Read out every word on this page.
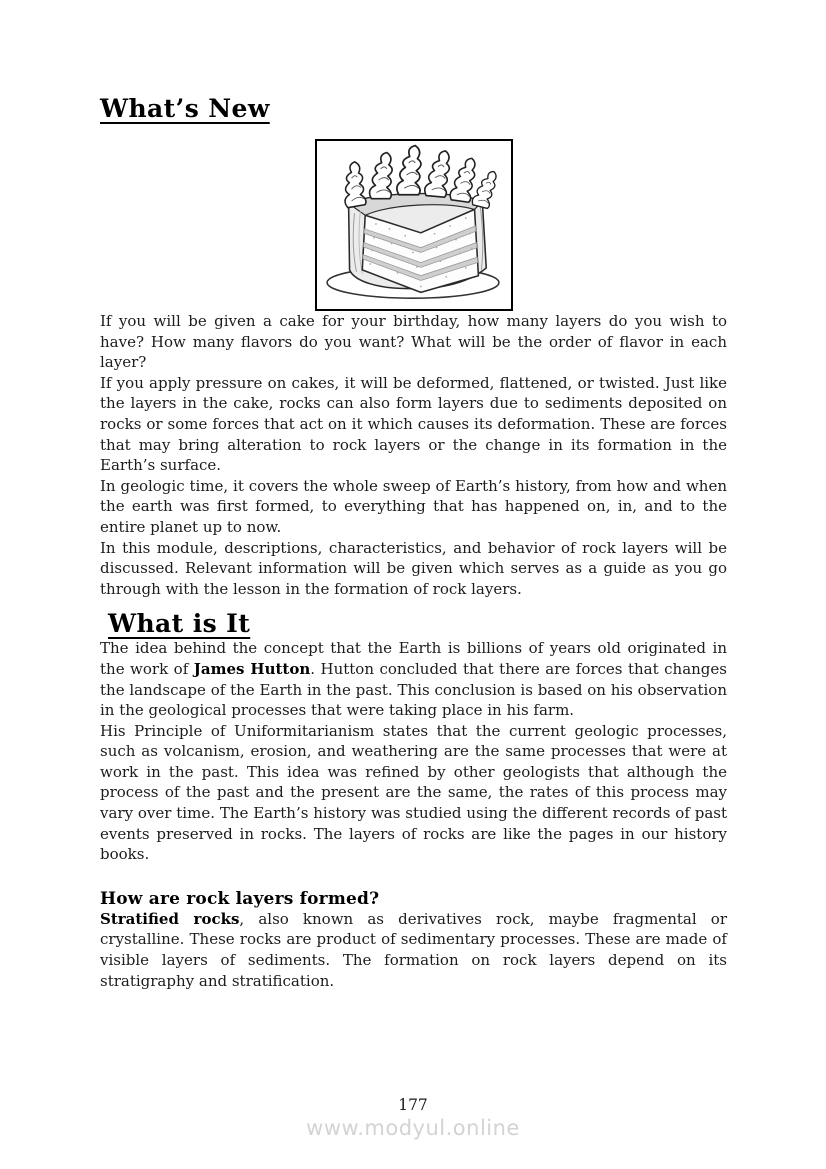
What’s New

If you will be given a cake for your birthday, how many layers do you wish to have? How many flavors do you want? What will be the order of flavor in each layer?

If you apply pressure on cakes, it will be deformed, flattened, or twisted. Just like the layers in the cake, rocks can also form layers due to sediments deposited on rocks or some forces that act on it which causes its deformation. These are forces that may bring alteration to rock layers or the change in its formation in the Earth’s surface.

In geologic time, it covers the whole sweep of Earth’s history, from how and when the earth was first formed, to everything that has happened on, in, and to the entire planet up to now.

In this module, descriptions, characteristics, and behavior of rock layers will be discussed. Relevant information will be given which serves as a guide as you go through with the lesson in the formation of rock layers.

What is It

The idea behind the concept that the Earth is billions of years old originated in the work of James Hutton. Hutton concluded that there are forces that changes the landscape of the Earth in the past. This conclusion is based on his observation in the geological processes that were taking place in his farm.

His Principle of Uniformitarianism states that the current geologic processes, such as volcanism, erosion, and weathering are the same processes that were at work in the past. This idea was refined by other geologists that although the process of the past and the present are the same, the rates of this process may vary over time. The Earth’s history was studied using the different records of past events preserved in rocks. The layers of rocks are like the pages in our history books.

How are rock layers formed?

Stratified rocks, also known as derivatives rock, maybe fragmental or crystalline. These rocks are product of sedimentary processes. These are made of visible layers of sediments. The formation on rock layers depend on its stratigraphy and stratification.

177
www.modyul.online
